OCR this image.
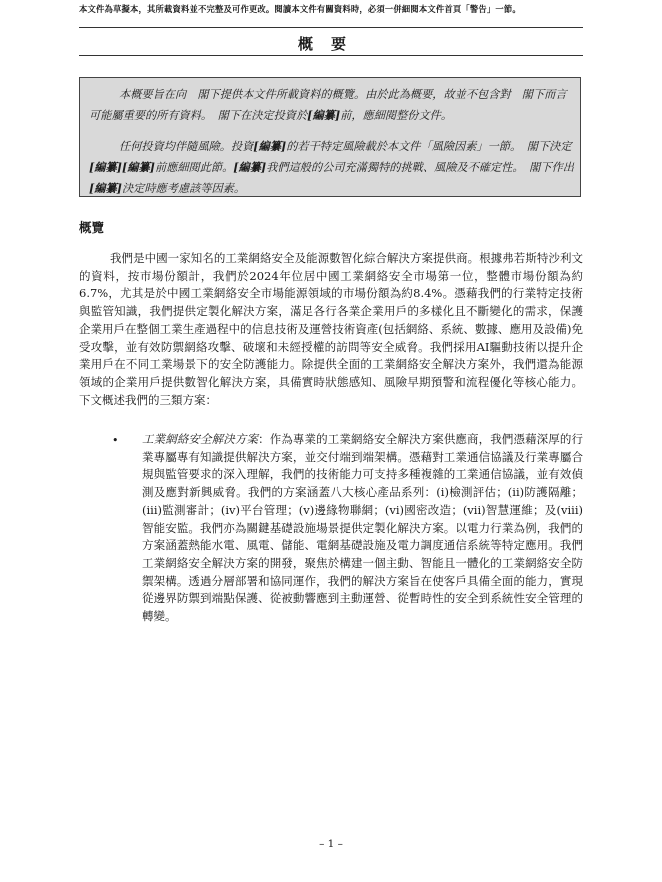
本文件為草擬本，其所載資料並不完整及可作更改。閱讀本文件有關資料時，必須一併細閱本文件首頁「警告」一節。
概要

本概要旨在向　閣下提供本文件所載資料的概覽。由於此為概要，故並不包含對　閣下而言可能屬重要的所有資料。　閣下在決定投資於[編纂]前，應細閱整份文件。

任何投資均伴隨風險。投資[編纂]的若干特定風險載於本文件「風險因素」一節。　閣下決定[編纂][編纂]前應細閱此節。[編纂]我們這般的公司充滿獨特的挑戰、風險及不確定性。　閣下作出[編纂]決定時應考慮該等因素。

概覽

我們是中國一家知名的工業網絡安全及能源數智化綜合解決方案提供商。根據弗若斯特沙利文的資料，按市場份額計，我們於2024年位居中國工業網絡安全市場第一位，整體市場份額為約6.7%，尤其是於中國工業網絡安全市場能源領域的市場份額為約8.4%。憑藉我們的行業特定技術與監管知識，我們提供定製化解決方案，滿足各行各業企業用戶的多樣化且不斷變化的需求，保護企業用戶在整個工業生產過程中的信息技術及運營技術資產(包括網絡、系統、數據、應用及設備)免受攻擊，並有效防禦網絡攻擊、破壞和未經授權的訪問等安全威脅。我們採用AI驅動技術以提升企業用戶在不同工業場景下的安全防護能力。除提供全面的工業網絡安全解決方案外，我們還為能源領域的企業用戶提供數智化解決方案，具備實時狀態感知、風險早期預警和流程優化等核心能力。下文概述我們的三類方案：

• 工業網絡安全解決方案：作為專業的工業網絡安全解決方案供應商，我們憑藉深厚的行業專屬專有知識提供解決方案，並交付端到端架構。憑藉對工業通信協議及行業專屬合規與監管要求的深入理解，我們的技術能力可支持多種複雜的工業通信協議，並有效偵測及應對新興威脅。我們的方案涵蓋八大核心產品系列：(i)檢測評估；(ii)防護隔離；(iii)監測審計；(iv)平台管理；(v)邊緣物聯網；(vi)國密改造；(vii)智慧運維；及(viii)智能安監。我們亦為關鍵基礎設施場景提供定製化解決方案。以電力行業為例，我們的方案涵蓋熱能水電、風電、儲能、電網基礎設施及電力調度通信系統等特定應用。我們工業網絡安全解決方案的開發，聚焦於構建一個主動、智能且一體化的工業網絡安全防禦架構。透過分層部署和協同運作，我們的解決方案旨在使客戶具備全面的能力，實現從邊界防禦到端點保護、從被動響應到主動運營、從暫時性的安全到系統性安全管理的轉變。

– 1 –
